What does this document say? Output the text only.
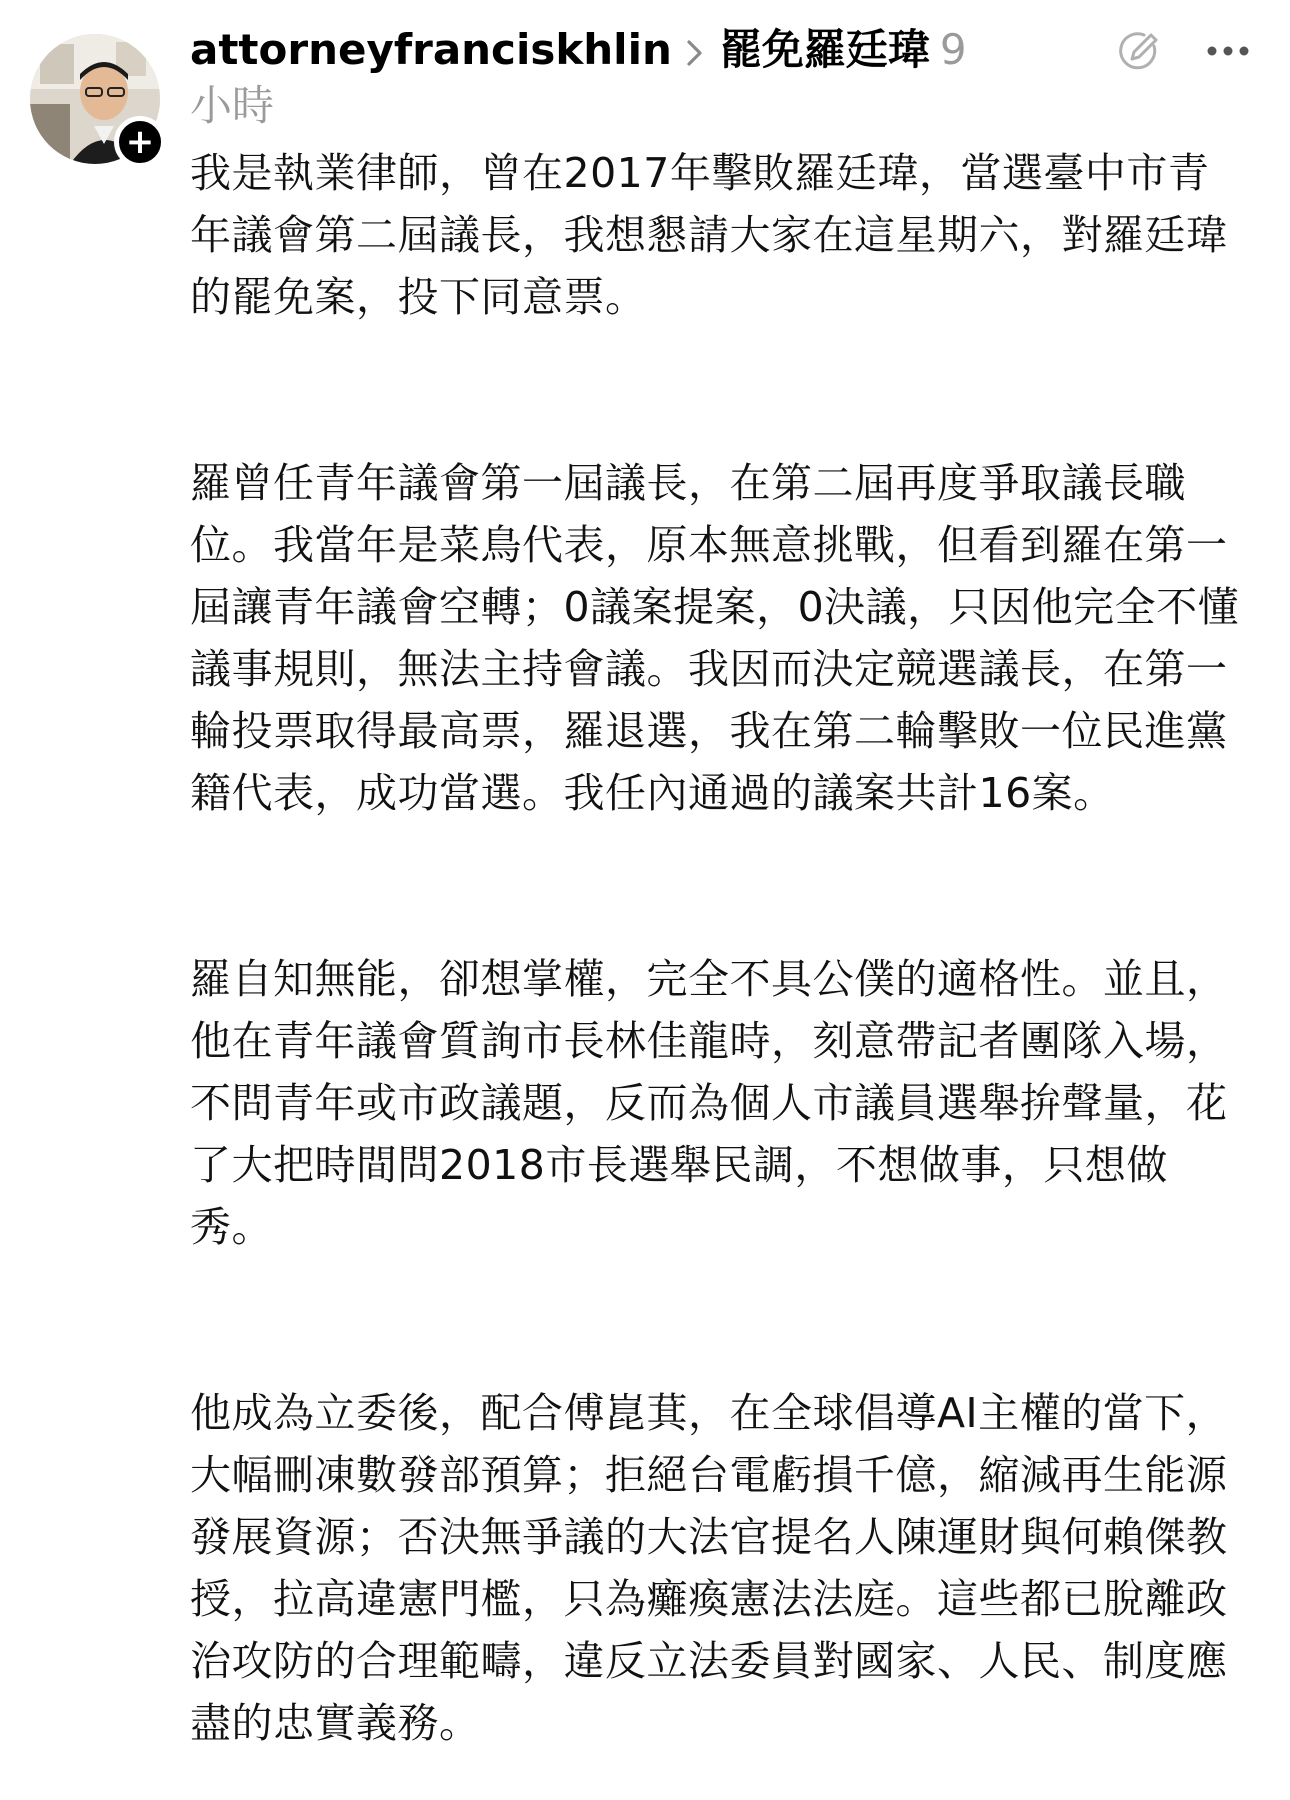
+
attorneyfranciskhlin 罷免羅廷瑋 9小時

我是執業律師，曾在2017年擊敗羅廷瑋，當選臺中市青年議會第二屆議長，我想懇請大家在這星期六，對羅廷瑋的罷免案，投下同意票。

羅曾任青年議會第一屆議長，在第二屆再度爭取議長職位。我當年是菜鳥代表，原本無意挑戰，但看到羅在第一屆讓青年議會空轉；0議案提案，0決議，只因他完全不懂議事規則，無法主持會議。我因而決定競選議長，在第一輪投票取得最高票，羅退選，我在第二輪擊敗一位民進黨籍代表，成功當選。我任內通過的議案共計16案。

羅自知無能，卻想掌權，完全不具公僕的適格性。並且，他在青年議會質詢市長林佳龍時，刻意帶記者團隊入場，不問青年或市政議題，反而為個人市議員選舉拚聲量，花了大把時間問2018市長選舉民調，不想做事，只想做秀。

他成為立委後，配合傅崑萁，在全球倡導AI主權的當下，大幅刪凍數發部預算；拒絕台電虧損千億，縮減再生能源發展資源；否決無爭議的大法官提名人陳運財與何賴傑教授，拉高違憲門檻，只為癱瘓憲法法庭。這些都已脫離政治攻防的合理範疇，違反立法委員對國家、人民、制度應盡的忠實義務。
